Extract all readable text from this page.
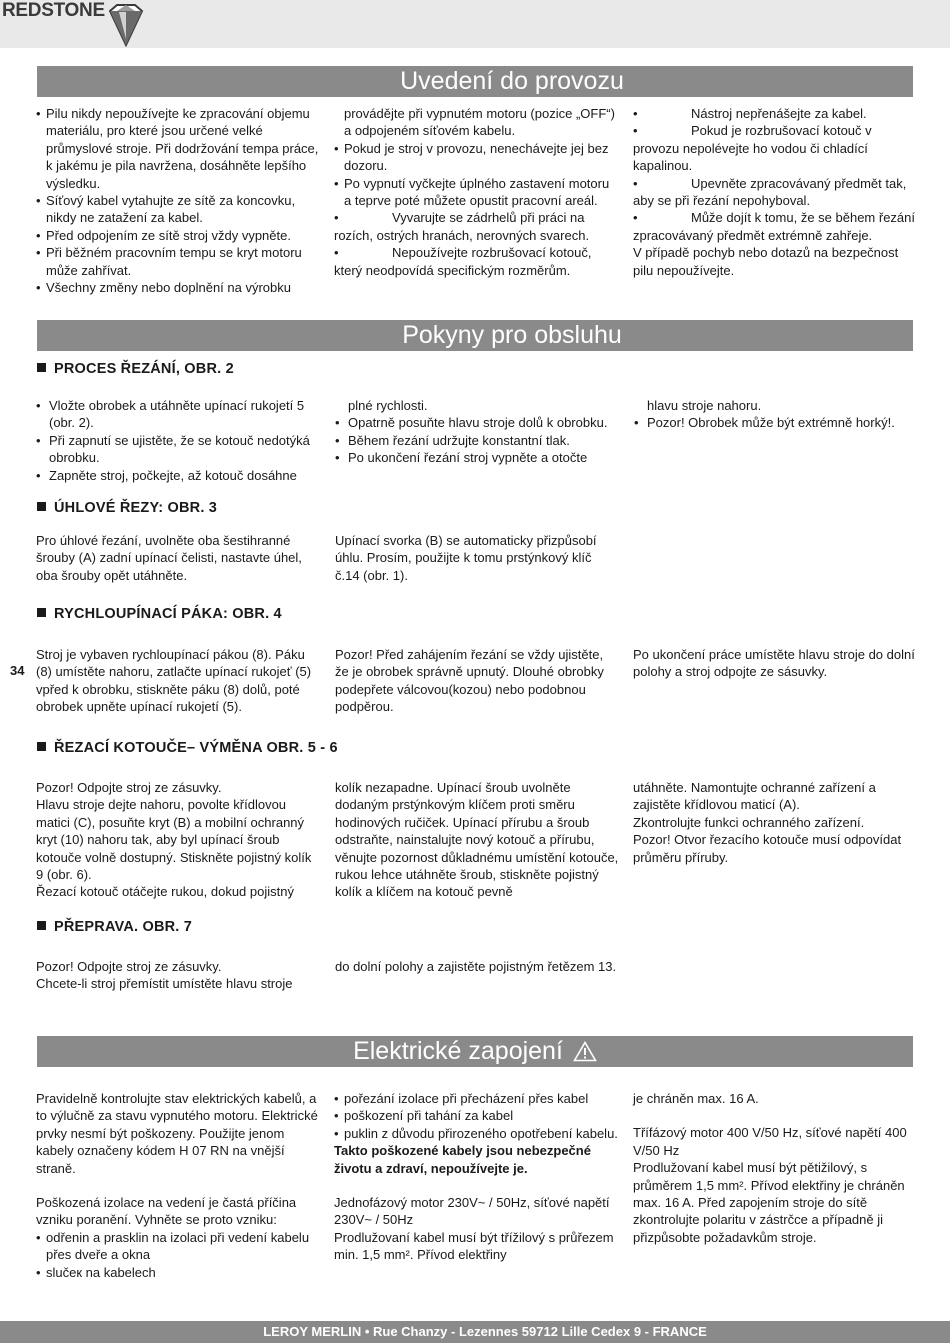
REDSTONE
Uvedení do provozu
• Pilu nikdy nepoužívejte ke zpracování objemu materiálu, pro které jsou určené velké průmyslové stroje. Při dodržování tempa práce, k jakému je pila navržena, dosáhněte lepšího výsledku.
• Síťový kabel vytahujte ze sítě za koncovku, nikdy ne zatažení za kabel.
• Před odpojením ze sítě stroj vždy vypněte.
• Při běžném pracovním tempu se kryt motoru může zahřívat.
• Všechny změny nebo doplnění na výrobku

provádějte při vypnutém motoru (pozice „OFF“) a odpojeném síťovém kabelu.

• Pokud je stroj v provozu, nenechávejte jej bez dozoru.
• Po vypnutí vyčkejte úplného zastavení motoru a teprve poté můžete opustit pracovní areál.
•	Vyvarujte se zádrhelů při práci na rozích, ostrých hranách, nerovných svarech.
•	Nepoužívejte rozbrušovací kotouč, který neodpovídá specifickým rozměrům.
•	Nástroj nepřenášejte za kabel.
•	Pokud je rozbrušovací kotouč v provozu nepolévejte ho vodou či chladící kapalinou.
•	Upevněte zpracovávaný předmět tak, aby se při řezání nepohyboval.
•	Může dojít k tomu, že se během řezání zpracovávaný předmět extrémně zahřeje.

V případě pochyb nebo dotazů na bezpečnost pilu nepoužívejte.

Pokyny pro obsluhu
PROCES ŘEZÁNÍ, OBR. 2
• Vložte obrobek a utáhněte upínací rukojetí 5 (obr. 2).
• Při zapnutí se ujistěte, že se kotouč nedotýká obrobku.
• Zapněte stroj, počkejte, až kotouč dosáhne

plné rychlosti.

• Opatrně posuňte hlavu stroje dolů k obrobku.
• Během řezání udržujte konstantní tlak.
• Po ukončení řezání stroj vypněte a otočte

hlavu stroje nahoru.

• Pozor! Obrobek může být extrémně horký!.
ÚHLOVÉ ŘEZY: OBR. 3

Pro úhlové řezání, uvolněte oba šestihranné šrouby (A) zadní upínací čelisti, nastavte úhel, oba šrouby opět utáhněte.

Upínací svorka (B) se automaticky přizpůsobí úhlu. Prosím, použijte k tomu prstýnkový klíč č.14 (obr. 1).

RYCHLOUPÍNACÍ PÁKA: OBR. 4
34

Stroj je vybaven rychloupínací pákou (8). Páku (8) umístěte nahoru, zatlačte upínací rukojeť (5) vpřed k obrobku, stiskněte páku (8) dolů, poté obrobek upněte upínací rukojetí (5).

Pozor! Před zahájením řezání se vždy ujistěte, že je obrobek správně upnutý. Dlouhé obrobky podepřete válcovou(kozou) nebo podobnou podpěrou.

Po ukončení práce umístěte hlavu stroje do dolní polohy a stroj odpojte ze sásuvky.

ŘEZACÍ KOTOUČE– VÝMĚNA OBR. 5 - 6

Pozor! Odpojte stroj ze zásuvky.

Hlavu stroje dejte nahoru, povolte křídlovou matici (C), posuňte kryt (B) a mobilní ochranný kryt (10) nahoru tak, aby byl upínací šroub kotouče volně dostupný. Stiskněte pojistný kolík 9 (obr. 6).

Řezací kotouč otáčejte rukou, dokud pojistný

kolík nezapadne. Upínací šroub uvolněte dodaným prstýnkovým klíčem proti směru hodinových ručiček. Upínací přírubu a šroub odstraňte, nainstalujte nový kotouč a přírubu, věnujte pozornost důkladnému umístění kotouče, rukou lehce utáhněte šroub, stiskněte pojistný kolík a klíčem na kotouč pevně

utáhněte. Namontujte ochranné zařízení a zajistěte křídlovou maticí (A).

Zkontrolujte funkci ochranného zařízení.

Pozor! Otvor řezacího kotouče musí odpovídat průměru příruby.

PŘEPRAVA. OBR. 7

Pozor! Odpojte stroj ze zásuvky.

Chcete-li stroj přemístit umístěte hlavu stroje

do dolní polohy a zajistěte pojistným řetězem 13.

Elektrické zapojení

Pravidelně kontrolujte stav elektrických kabelů, a to výlučně za stavu vypnutého motoru. Elektrické prvky nesmí být poškozeny. Použijte jenom kabely označeny kódem H 07 RN na vnější straně.

Poškozená izolace na vedení je častá příčina vzniku poranění. Vyhněte se proto vzniku:

• odřenin a prasklin na izolaci při vedení kabelu přes dveře a okna
• slučeк na kabelech
• pořezání izolace při přecházení přes kabel
• poškození při tahání za kabel
• puklin z důvodu přirozeného opotřebení kabelu.

Takto poškozené kabely jsou nebezpečné životu a zdraví, nepoužívejte je.

Jednofázový motor 230V~ / 50Hz, síťové napětí 230V~ / 50Hz

Prodlužovaní kabel musí být třížilový s průřezem min. 1,5 mm². Přívod elektřiny

je chráněn max. 16 A.

Třífázový motor 400 V/50 Hz, síťové napětí 400 V/50 Hz

Prodlužovaní kabel musí být pětižilový, s průměrem 1,5 mm². Přívod elektřiny je chráněn max. 16 A. Před zapojením stroje do sítě zkontrolujte polaritu v zástrčce a případně ji přizpůsobte požadavkům stroje.

LEROY MERLIN • Rue Chanzy - Lezennes 59712 Lille Cedex 9 - FRANCE
